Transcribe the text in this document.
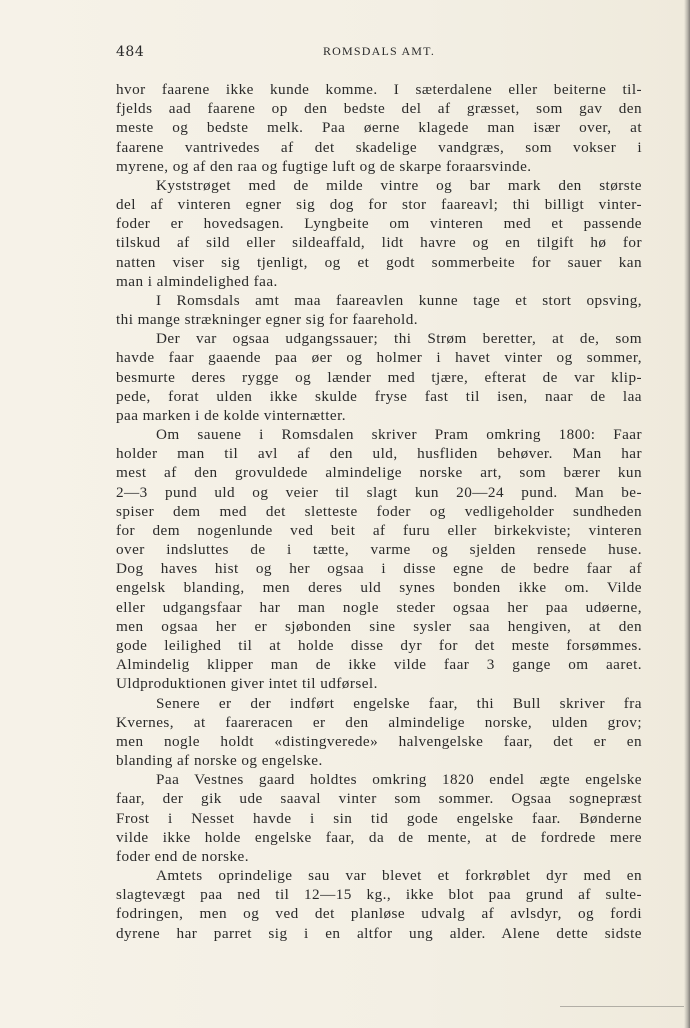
484	ROMSDALS AMT.
hvor faarene ikke kunde komme. I sæterdalene eller beiterne til-
fjelds aad faarene op den bedste del af græsset, som gav den
meste og bedste melk. Paa øerne klagede man især over, at
faarene vantrivedes af det skadelige vandgræs, som vokser i
myrene, og af den raa og fugtige luft og de skarpe foraarsvinde.
Kyststrøget med de milde vintre og bar mark den største
del af vinteren egner sig dog for stor faareavl; thi billigt vinter-
foder er hovedsagen. Lyngbeite om vinteren med et passende
tilskud af sild eller sildeaffald, lidt havre og en tilgift hø for
natten viser sig tjenligt, og et godt sommerbeite for sauer kan
man i almindelighed faa.
I Romsdals amt maa faareavlen kunne tage et stort opsving,
thi mange strækninger egner sig for faarehold.
Der var ogsaa udgangssauer; thi Strøm beretter, at de, som
havde faar gaaende paa øer og holmer i havet vinter og sommer,
besmurte deres rygge og lænder med tjære, efterat de var klip-
pede, forat ulden ikke skulde fryse fast til isen, naar de laa
paa marken i de kolde vinternætter.
Om sauene i Romsdalen skriver Pram omkring 1800: Faar
holder man til avl af den uld, husfliden behøver. Man har
mest af den grovuldede almindelige norske art, som bærer kun
2—3 pund uld og veier til slagt kun 20—24 pund. Man be-
spiser dem med det sletteste foder og vedligeholder sundheden
for dem nogenlunde ved beit af furu eller birkekviste; vinteren
over indsluttes de i tætte, varme og sjelden rensede huse.
Dog haves hist og her ogsaa i disse egne de bedre faar af
engelsk blanding, men deres uld synes bonden ikke om. Vilde
eller udgangsfaar har man nogle steder ogsaa her paa udøerne,
men ogsaa her er sjøbonden sine sysler saa hengiven, at den
gode leilighed til at holde disse dyr for det meste forsømmes.
Almindelig klipper man de ikke vilde faar 3 gange om aaret.
Uldproduktionen giver intet til udførsel.
Senere er der indført engelske faar, thi Bull skriver fra
Kvernes, at faareracen er den almindelige norske, ulden grov;
men nogle holdt «distingverede» halvengelske faar, det er en
blanding af norske og engelske.
Paa Vestnes gaard holdtes omkring 1820 endel ægte engelske
faar, der gik ude saaval vinter som sommer. Ogsaa sognepræst
Frost i Nesset havde i sin tid gode engelske faar. Bønderne
vilde ikke holde engelske faar, da de mente, at de fordrede mere
foder end de norske.
Amtets oprindelige sau var blevet et forkrøblet dyr med en
slagtevægt paa ned til 12—15 kg., ikke blot paa grund af sulte-
fodringen, men og ved det planløse udvalg af avlsdyr, og fordi
dyrene har parret sig i en altfor ung alder. Alene dette sidste
